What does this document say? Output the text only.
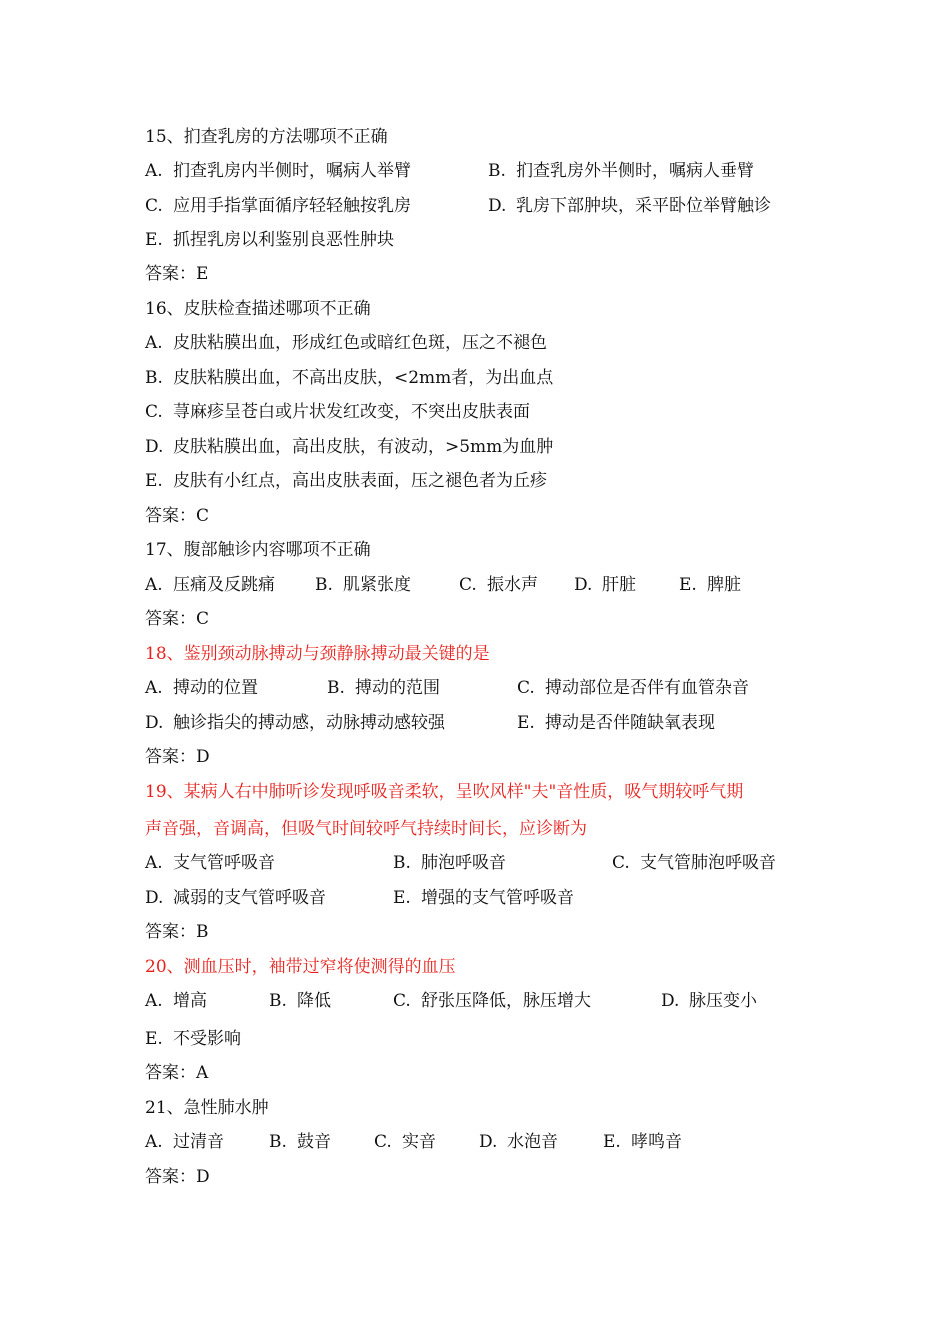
15、扪查乳房的方法哪项不正确
A. 扪查乳房内半侧时，嘱病人举臂	B. 扪查乳房外半侧时，嘱病人垂臂
C. 应用手指掌面循序轻轻触按乳房	D. 乳房下部肿块，采平卧位举臂触诊
E. 抓捏乳房以利鉴别良恶性肿块
答案：E
16、皮肤检查描述哪项不正确
A. 皮肤粘膜出血，形成红色或暗红色斑，压之不褪色
B. 皮肤粘膜出血，不高出皮肤，<2mm者，为出血点
C. 荨麻疹呈苍白或片状发红改变，不突出皮肤表面
D. 皮肤粘膜出血，高出皮肤，有波动，>5mm为血肿
E. 皮肤有小红点，高出皮肤表面，压之褪色者为丘疹
答案：C
17、腹部触诊内容哪项不正确
A. 压痛及反跳痛 B. 肌紧张度	C. 振水声 D. 肝脏	E. 脾脏
答案：C
18、鉴别颈动脉搏动与颈静脉搏动最关键的是
A. 搏动的位置	B. 搏动的范围	C. 搏动部位是否伴有血管杂音
D. 触诊指尖的搏动感，动脉搏动感较强	E. 搏动是否伴随缺氧表现
答案：D
19、某病人右中肺听诊发现呼吸音柔软，呈吹风样"夫"音性质，吸气期较呼气期
声音强，音调高，但吸气时间较呼气持续时间长，应诊断为
A. 支气管呼吸音	B. 肺泡呼吸音	C. 支气管肺泡呼吸音
D. 减弱的支气管呼吸音	E. 增强的支气管呼吸音
答案：B
20、测血压时，袖带过窄将使测得的血压
A. 增高	B. 降低	C. 舒张压降低，脉压增大	D. 脉压变小
E. 不受影响
答案：A
21、急性肺水肿
A. 过清音	B. 鼓音	C. 实音	D. 水泡音	E. 哮鸣音
答案：D
